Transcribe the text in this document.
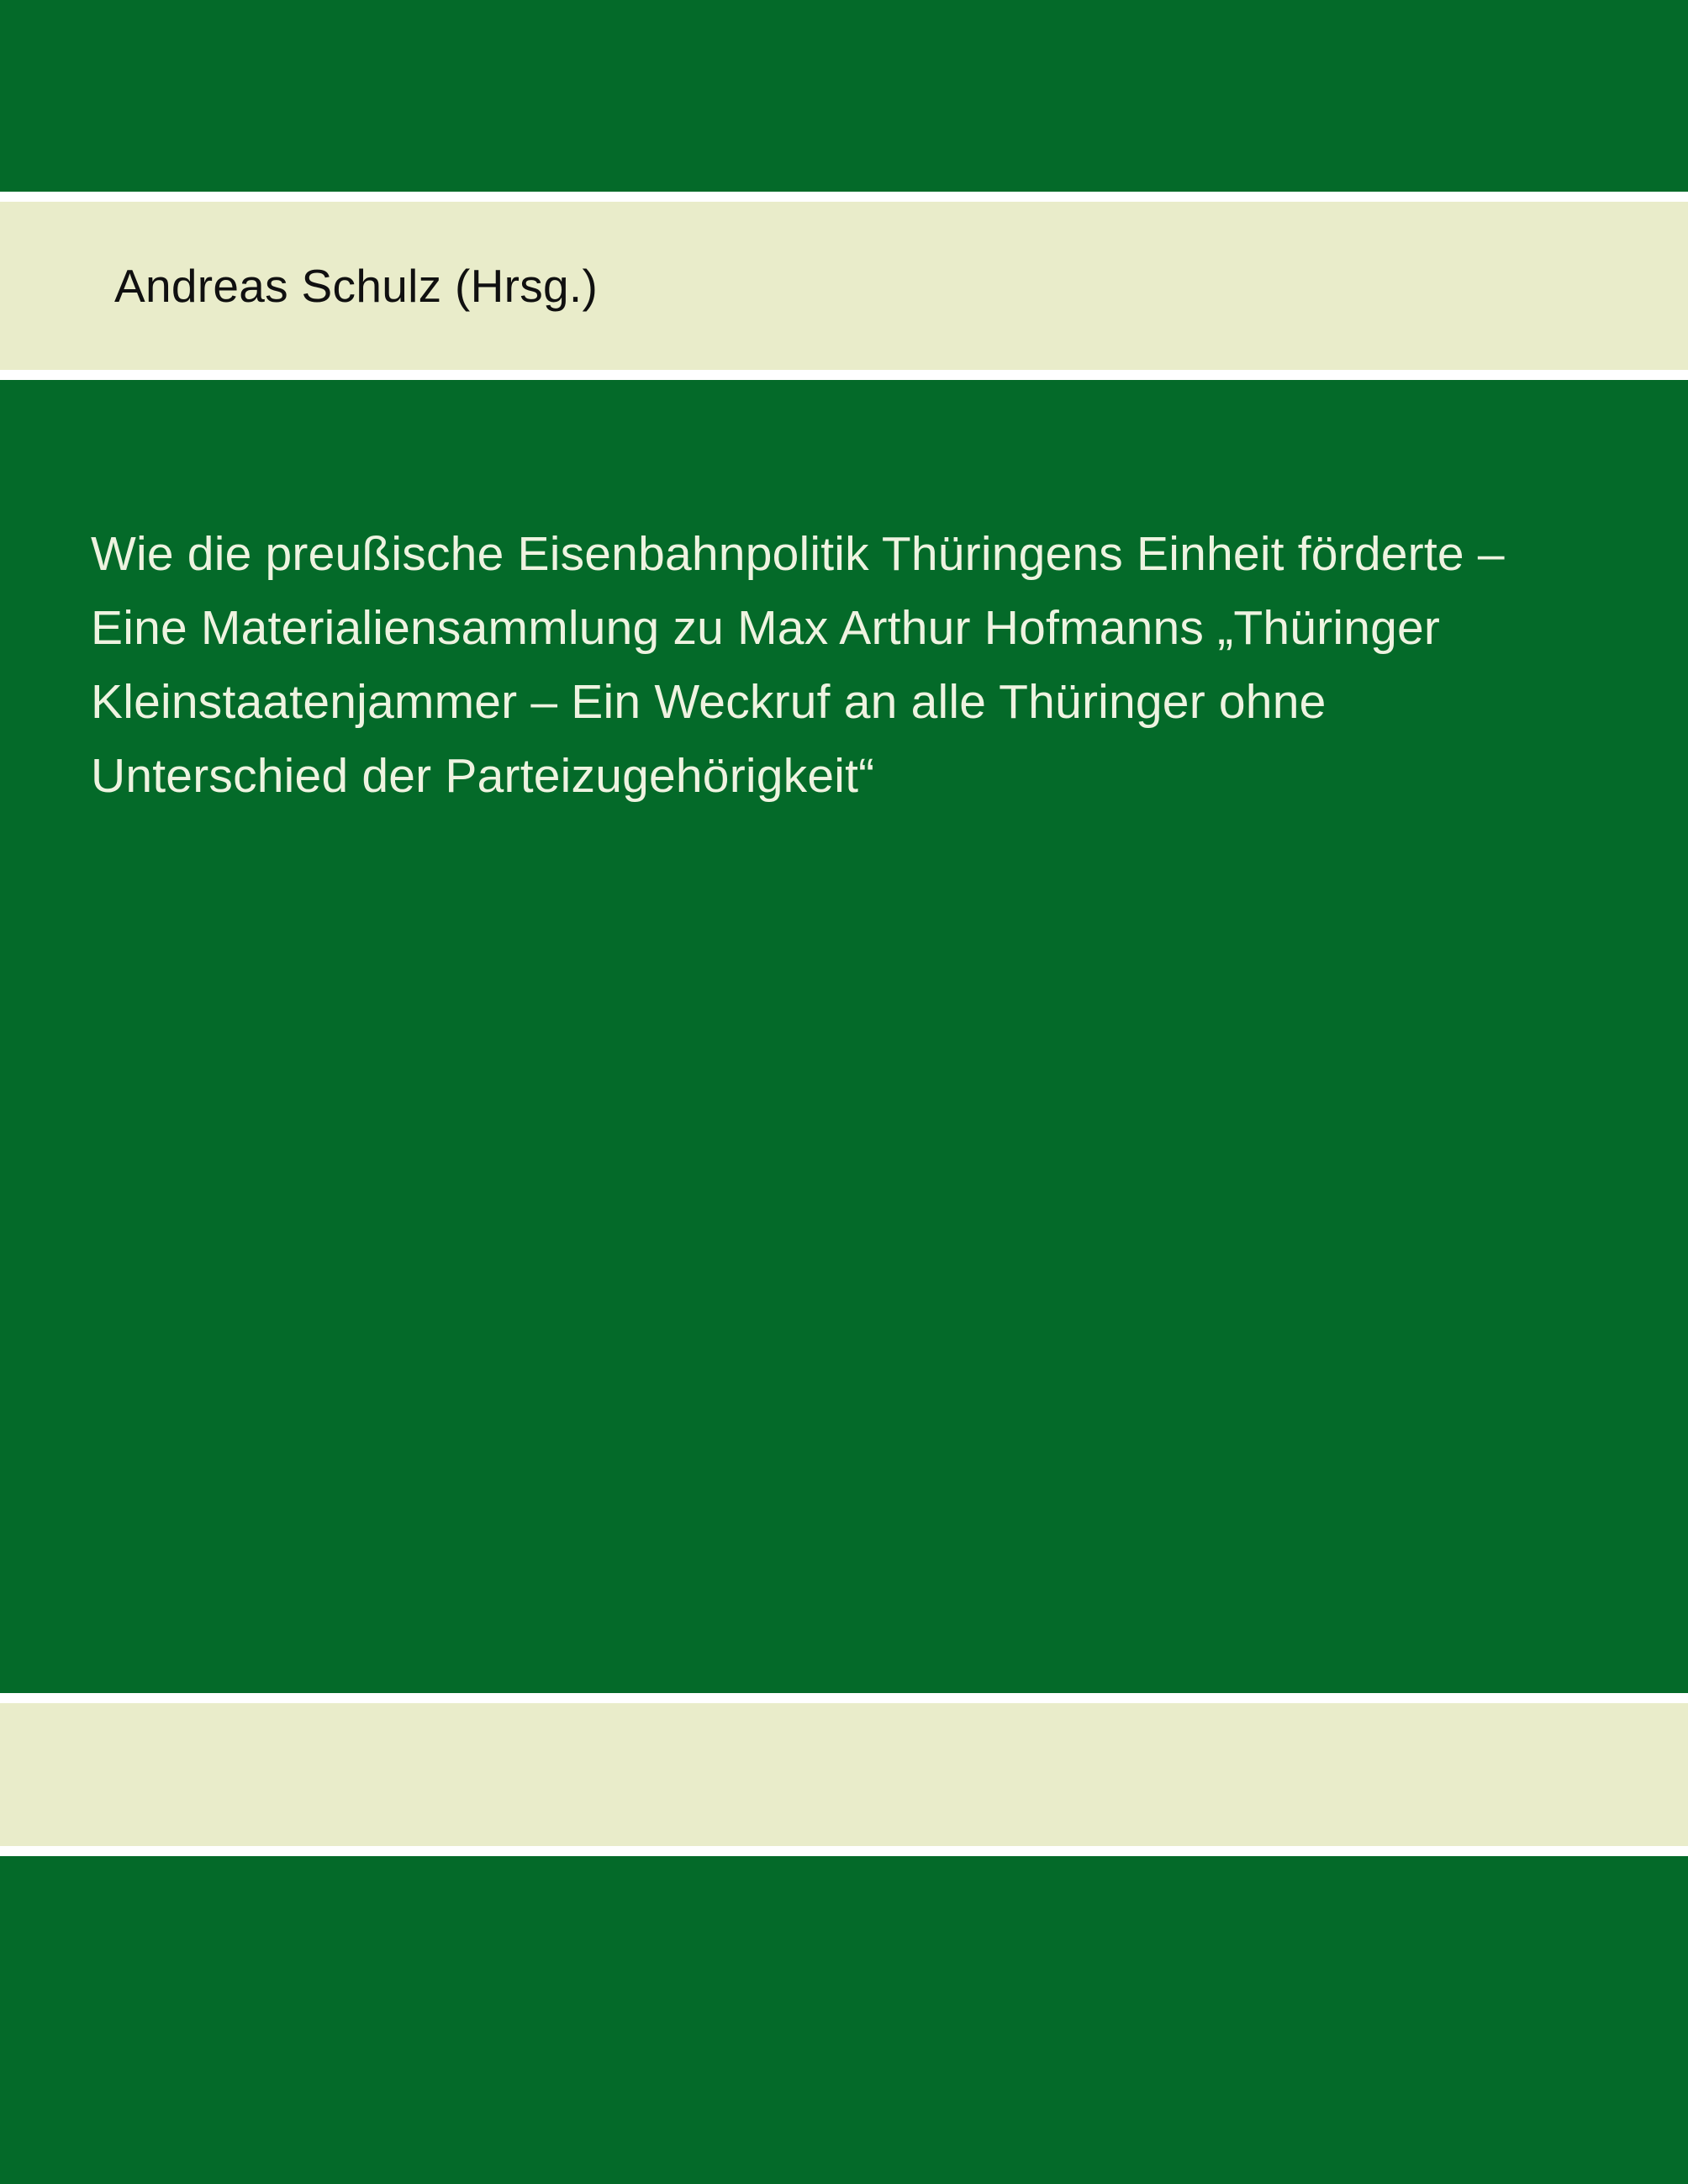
Andreas Schulz (Hrsg.)
Wie die preußische Eisenbahnpolitik Thüringens Einheit förderte – Eine Materialiensammlung zu Max Arthur Hofmanns „Thüringer Kleinstaatenjammer – Ein Weckruf an alle Thüringer ohne Unterschied der Parteizugehörigkeit“
